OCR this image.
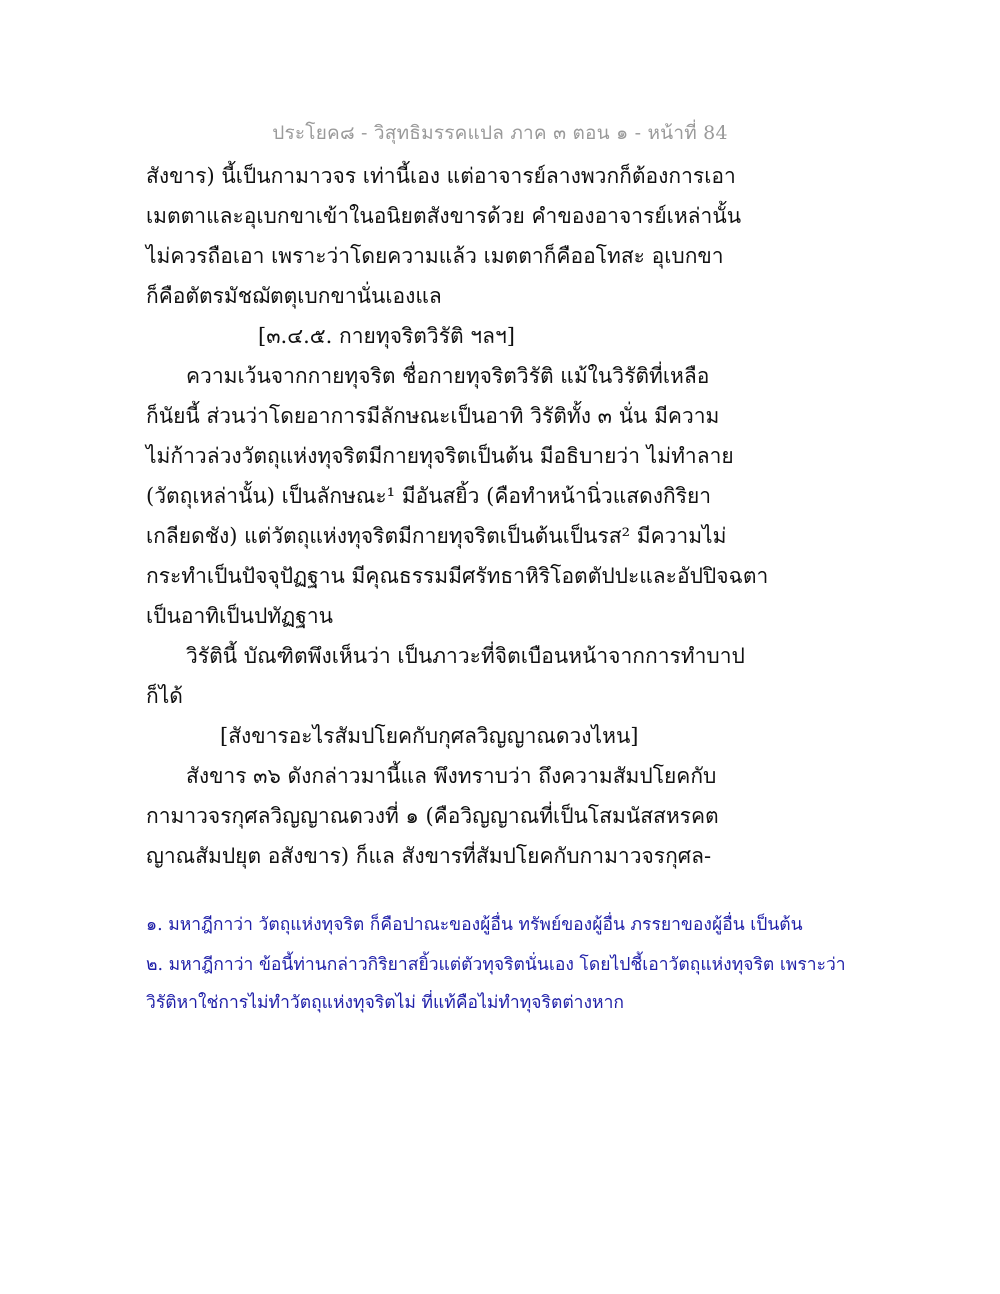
ประโยค๘ - วิสุทธิมรรคแปล ภาค ๓ ตอน ๑ - หน้าที่ 84
สังขาร) นี้เป็นกามาวจร เท่านี้เอง แต่อาจารย์ลางพวกก็ต้องการเอา
เมตตาและอุเบกขาเข้าในอนิยตสังขารด้วย คำของอาจารย์เหล่านั้น
ไม่ควรถือเอา เพราะว่าโดยความแล้ว เมตตาก็คืออโทสะ อุเบกขา
ก็คือตัตรมัชฌัตตุเบกขานั่นเองแล
[๓.๔.๕. กายทุจริตวิรัติ ฯลฯ]
ความเว้นจากกายทุจริต ชื่อกายทุจริตวิรัติ แม้ในวิรัติที่เหลือ
ก็นัยนี้ ส่วนว่าโดยอาการมีลักษณะเป็นอาทิ วิรัติทั้ง ๓ นั่น มีความ
ไม่ก้าวล่วงวัตถุแห่งทุจริตมีกายทุจริตเป็นต้น มีอธิบายว่า ไม่ทำลาย
(วัตถุเหล่านั้น) เป็นลักษณะ¹ มีอันสยิ้ว (คือทำหน้านิ่วแสดงกิริยา
เกลียดชัง) แต่วัตถุแห่งทุจริตมีกายทุจริตเป็นต้นเป็นรส² มีความไม่
กระทำเป็นปัจจุปัฏฐาน มีคุณธรรมมีศรัทธาหิริโอตตัปปะและอัปปิจฉตา
เป็นอาทิเป็นปทัฏฐาน
วิรัตินี้ บัณฑิตพึงเห็นว่า เป็นภาวะที่จิตเบือนหน้าจากการทำบาป
ก็ได้
[สังขารอะไรสัมปโยคกับกุศลวิญญาณดวงไหน]
สังขาร ๓๖ ดังกล่าวมานี้แล พึงทราบว่า ถึงความสัมปโยคกับ
กามาวจรกุศลวิญญาณดวงที่ ๑ (คือวิญญาณที่เป็นโสมนัสสหรคต
ญาณสัมปยุต อสังขาร) ก็แล สังขารที่สัมปโยคกับกามาวจรกุศล-
๑. มหาฎีกาว่า วัตถุแห่งทุจริต ก็คือปาณะของผู้อื่น ทรัพย์ของผู้อื่น ภรรยาของผู้อื่น เป็นต้น
๒. มหาฎีกาว่า ข้อนี้ท่านกล่าวกิริยาสยิ้วแต่ตัวทุจริตนั่นเอง โดยไปชี้เอาวัตถุแห่งทุจริต เพราะว่า
วิรัติหาใช่การไม่ทำวัตถุแห่งทุจริตไม่ ที่แท้คือไม่ทำทุจริตต่างหาก
